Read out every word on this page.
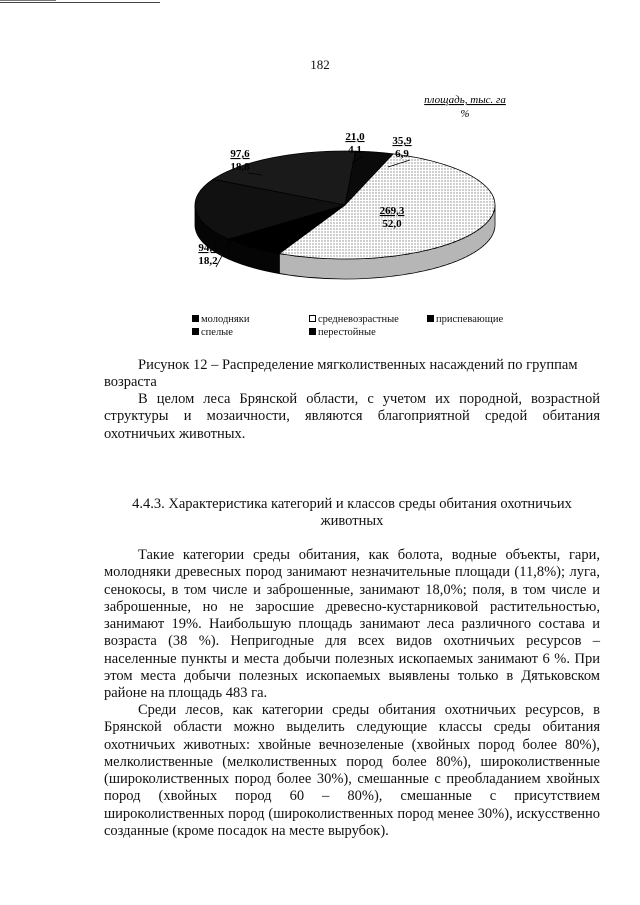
182
21,0
4,1
269,3
52,0
35,9
6,9
97,6
18,8
94,2
18,2
площадь, тыс. га
%
молодняки	средневозрастные	приспевающие
спелые	перестойные
Рисунок 12 – Распределение мягколиственных насаждений по группам
возраста
В целом леса Брянской области, с учетом их породной, возрастной структуры и мозаичности, являются благоприятной средой обитания охотничьих животных.
4.4.3. Характеристика категорий и классов среды обитания охотничьих
животных
Такие категории среды обитания, как болота, водные объекты, гари, молодняки древесных пород занимают незначительные площади (11,8%); луга, сенокосы, в том числе и заброшенные, занимают 18,0%; поля, в том числе и заброшенные, но не заросшие древесно-кустарниковой растительностью, занимают 19%. Наибольшую площадь занимают леса различного состава и возраста (38 %). Непригодные для всех видов охотничьих ресурсов – населенные пункты и места добычи полезных ископаемых занимают 6 %. При этом места добычи полезных ископаемых выявлены только в Дятьковском районе на площадь 483 га.
Среди лесов, как категории среды обитания охотничьих ресурсов, в Брянской области можно выделить следующие классы среды обитания охотничьих животных: хвойные вечнозеленые (хвойных пород более 80%), мелколиственные (мелколиственных пород более 80%), широколиственные (широколиственных пород более 30%), смешанные с преобладанием хвойных пород (хвойных пород 60 – 80%), смешанные с присутствием широколиственных пород (широколиственных пород менее 30%), искусственно созданные (кроме посадок на месте вырубок).
